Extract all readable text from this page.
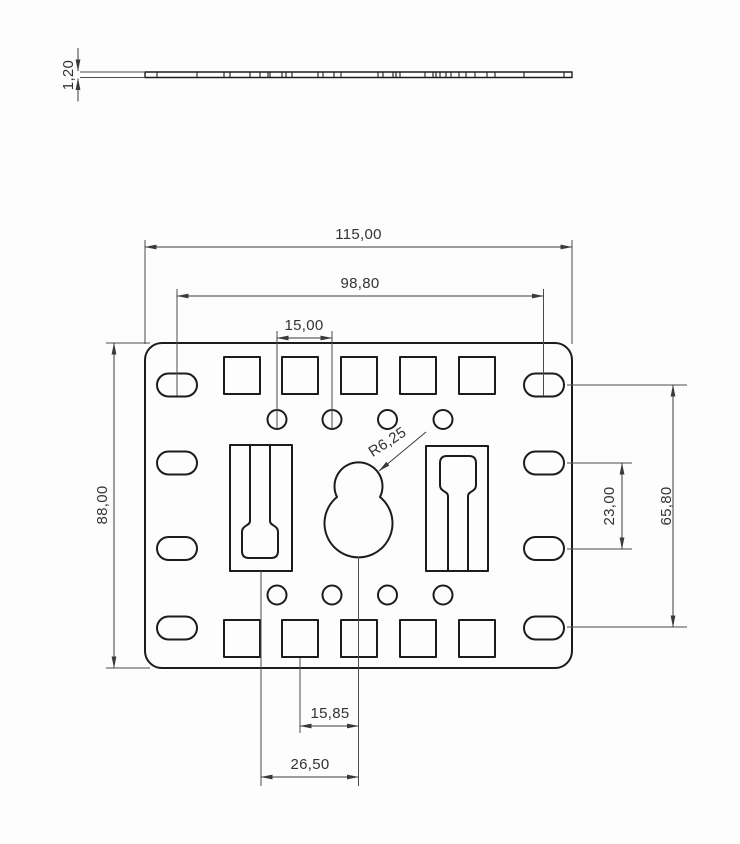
1,20
115,00
98,80
15,00
88,00	65,80
23,00
R6,25
15,85
26,50
